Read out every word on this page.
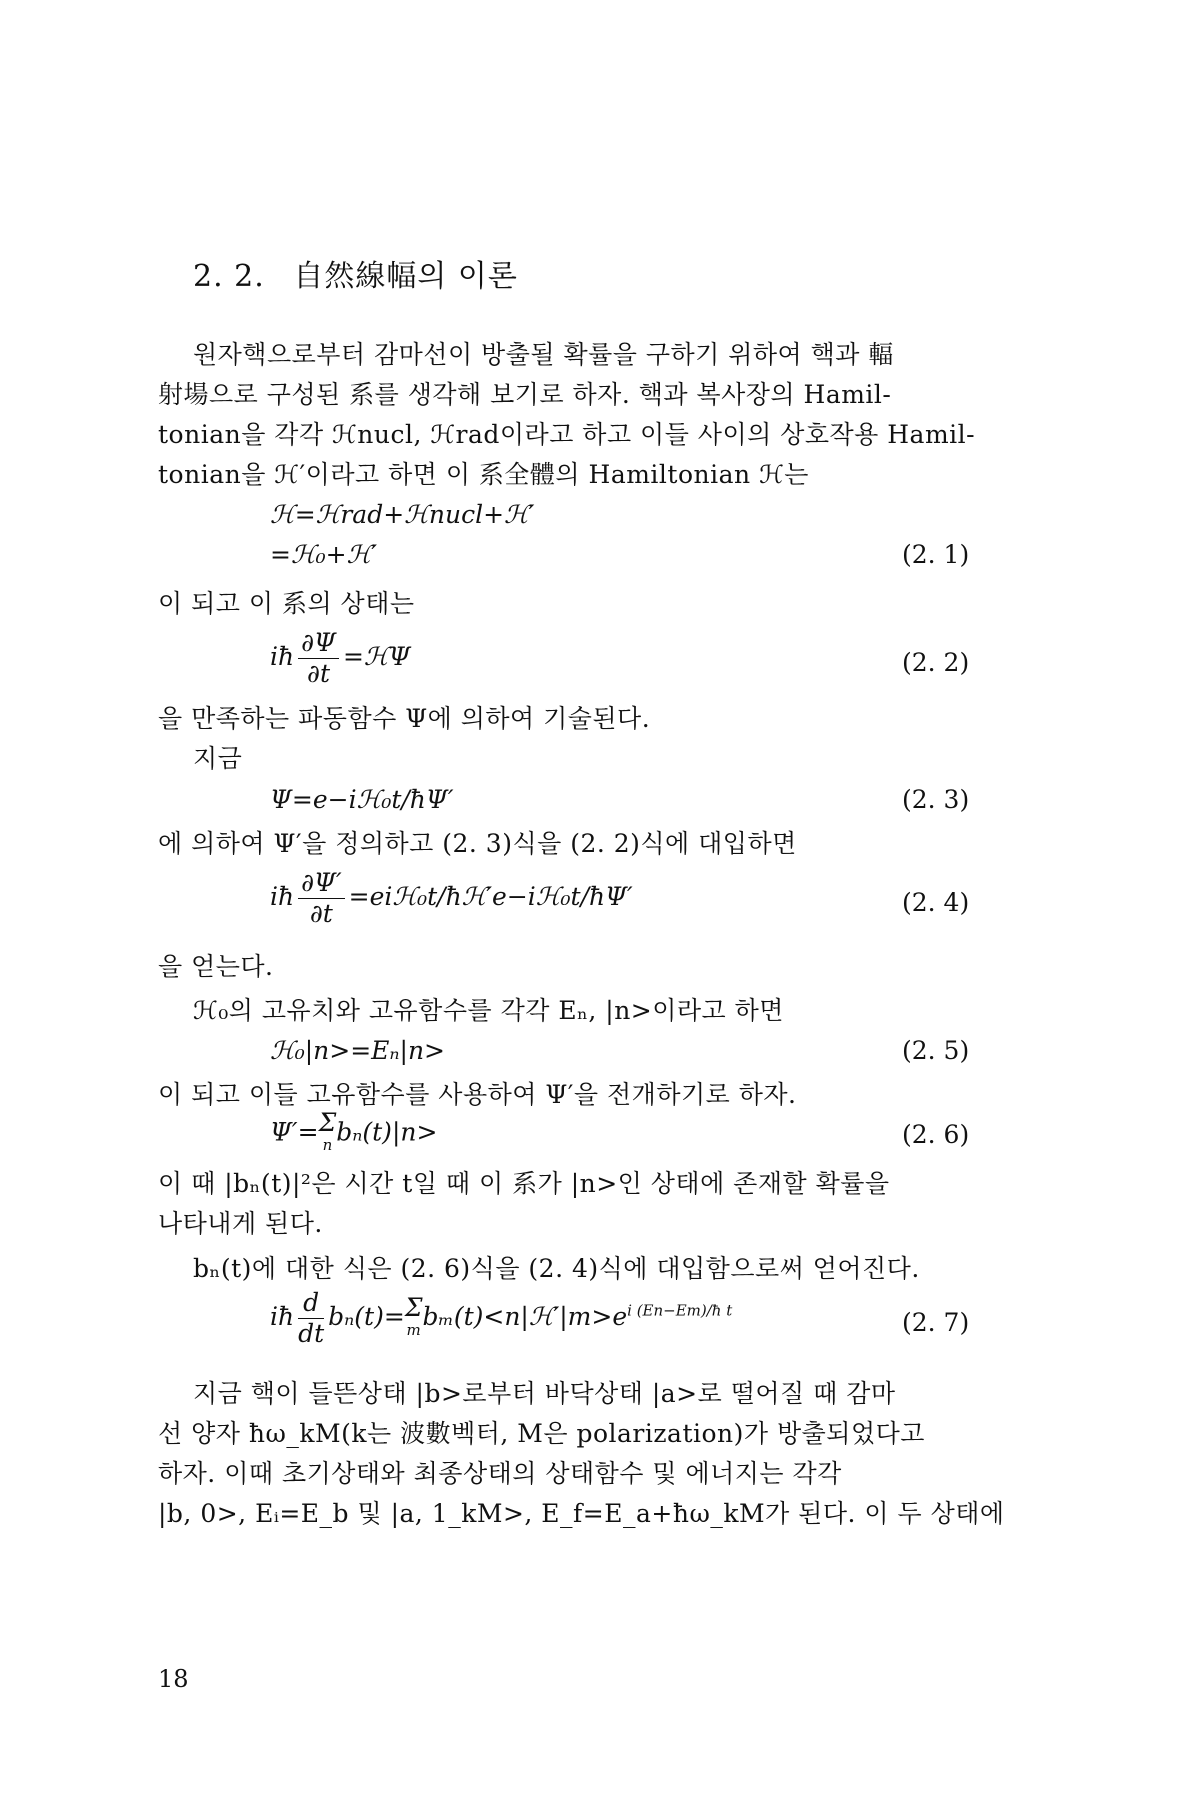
2. 2. 自然線幅의 이론
원자핵으로부터 감마선이 방출될 확률을 구하기 위하여 핵과 輻
射場으로 구성된 系를 생각해 보기로 하자. 핵과 복사장의 Hamil-
tonian을 각각 ℋnucl, ℋrad이라고 하고 이들 사이의 상호작용 Hamil-
tonian을 ℋ′이라고 하면 이 系全體의 Hamiltonian ℋ는
ℋ=ℋrad+ℋnucl+ℋ′
=ℋ₀+ℋ′	(2. 1)
이 되고 이 系의 상태는
iħ $\frac{\partial\Psi}{\partial t}$ =ℋΨ	(2. 2)
을 만족하는 파동함수 Ψ에 의하여 기술된다.
지금
Ψ=e−iℋ₀t/ħΨ′	(2. 3)
에 의하여 Ψ′을 정의하고 (2. 3)식을 (2. 2)식에 대입하면
iħ $\frac{\partial\Psi'}{\partial t}$ =eiℋ₀t/ħℋ′e−iℋ₀t/ħΨ′	(2. 4)
을 얻는다.
ℋ₀의 고유치와 고유함수를 각각 Eₙ, |n>이라고 하면
ℋ₀|n>=Eₙ|n>	(2. 5)
이 되고 이들 고유함수를 사용하여 Ψ′을 전개하기로 하자.
Ψ′=Σ
n bₙ(t)|n>	(2. 6)
이 때 |bₙ(t)|²은 시간 t일 때 이 系가 |n>인 상태에 존재할 확률을
나타내게 된다.
bₙ(t)에 대한 식은 (2. 6)식을 (2. 4)식에 대입함으로써 얻어진다.
iħ $\frac{d}{dt} b_n(t)=\Sigma$
m $b_m(t)<n|ℋ'|m>e^{i (En-Em)/ħ t}$	(2. 7)
지금 핵이 들뜬상태 |b>로부터 바닥상태 |a>로 떨어질 때 감마
선 양자 ħω_kM(k는 波數벡터, M은 polarization)가 방출되었다고
하자. 이때 초기상태와 최종상태의 상태함수 및 에너지는 각각
|b, 0>, Eᵢ=E_b 및 |a, 1_kM>, E_f=E_a+ħω_kM가 된다. 이 두 상태에
18
